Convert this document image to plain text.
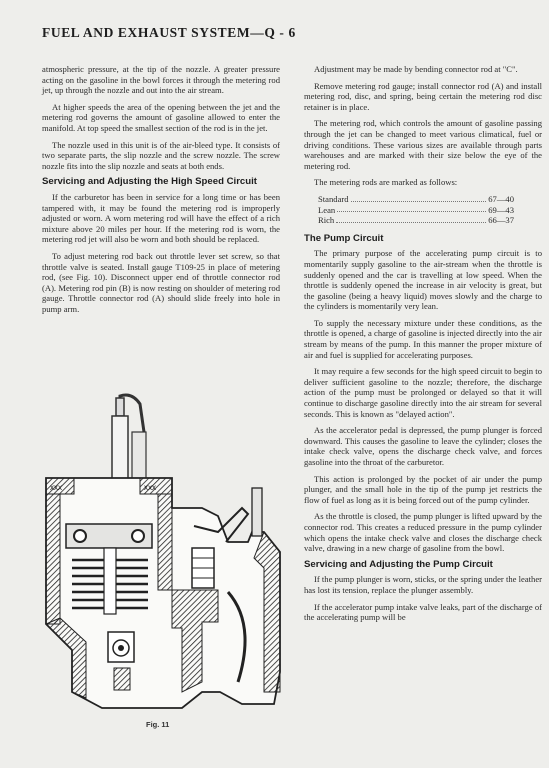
FUEL AND EXHAUST SYSTEM—Q - 6

atmospheric pressure, at the tip of the nozzle. A greater pressure acting on the gasoline in the bowl forces it through the metering rod jet, up through the nozzle and out into the air stream.

At higher speeds the area of the opening between the jet and the metering rod governs the amount of gasoline allowed to enter the manifold. At top speed the smallest section of the rod is in the jet.

The nozzle used in this unit is of the air-bleed type. It consists of two separate parts, the slip nozzle and the screw nozzle. The screw nozzle fits into the slip nozzle and seats at both ends.

Servicing and Adjusting the High Speed Circuit

If the carburetor has been in service for a long time or has been tampered with, it may be found the metering rod is improperly adjusted or worn. A worn metering rod will have the effect of a rich mixture above 20 miles per hour. If the metering rod is worn, the metering rod jet will also be worn and both should be replaced.

To adjust metering rod back out throttle lever set screw, so that throttle valve is seated. Install gauge T109-25 in place of metering rod, (see Fig. 10). Disconnect upper end of throttle connector rod (A). Metering rod pin (B) is now resting on shoulder of metering rod gauge. Throttle connector rod (A) should slide freely into hole in pump arm.

Adjustment may be made by bending connector rod at "C".

Remove metering rod gauge; install connector rod (A) and install metering rod, disc, and spring, being certain the metering rod disc retainer is in place.

The metering rod, which controls the amount of gasoline passing through the jet can be changed to meet various climatical, fuel or driving conditions. These various sizes are available through parts warehouses and are marked with their size below the eye of the metering rod.

The metering rods are marked as follows:

Standard	67—40
Lean	69—43
Rich	66—37
The Pump Circuit

The primary purpose of the accelerating pump circuit is to momentarily supply gasoline to the air-stream when the throttle is suddenly opened and the car is travelling at low speed. When the throttle is suddenly opened the increase in air velocity is great, but the gasoline (being a heavy liquid) moves slowly and the charge to the cylinders is momentarily very lean.

To supply the necessary mixture under these conditions, as the throttle is opened, a charge of gasoline is injected directly into the air stream by means of the pump. In this manner the proper mixture of air and fuel is supplied for accelerating purposes.

It may require a few seconds for the high speed circuit to begin to deliver sufficient gasoline to the nozzle; therefore, the discharge action of the pump must be prolonged or delayed so that it will continue to discharge gasoline directly into the air stream for several seconds. This is known as "delayed action".

As the accelerator pedal is depressed, the pump plunger is forced downward. This causes the gasoline to leave the cylinder; closes the intake check valve, opens the discharge check valve, and forces gasoline into the throat of the carburetor.

This action is prolonged by the pocket of air under the pump plunger, and the small hole in the tip of the pump jet restricts the flow of fuel as long as it is being forced out of the pump cylinder.

As the throttle is closed, the pump plunger is lifted upward by the connector rod. This creates a reduced pressure in the pump cylinder which opens the intake check valve and closes the discharge check valve, drawing in a new charge of gasoline from the bowl.

Servicing and Adjusting the Pump Circuit

If the pump plunger is worn, sticks, or the spring under the leather has lost its tension, replace the plunger assembly.

If the accelerator pump intake valve leaks, part of the discharge of the accelerating pump will be

xxx	xxx
Fig. 11
